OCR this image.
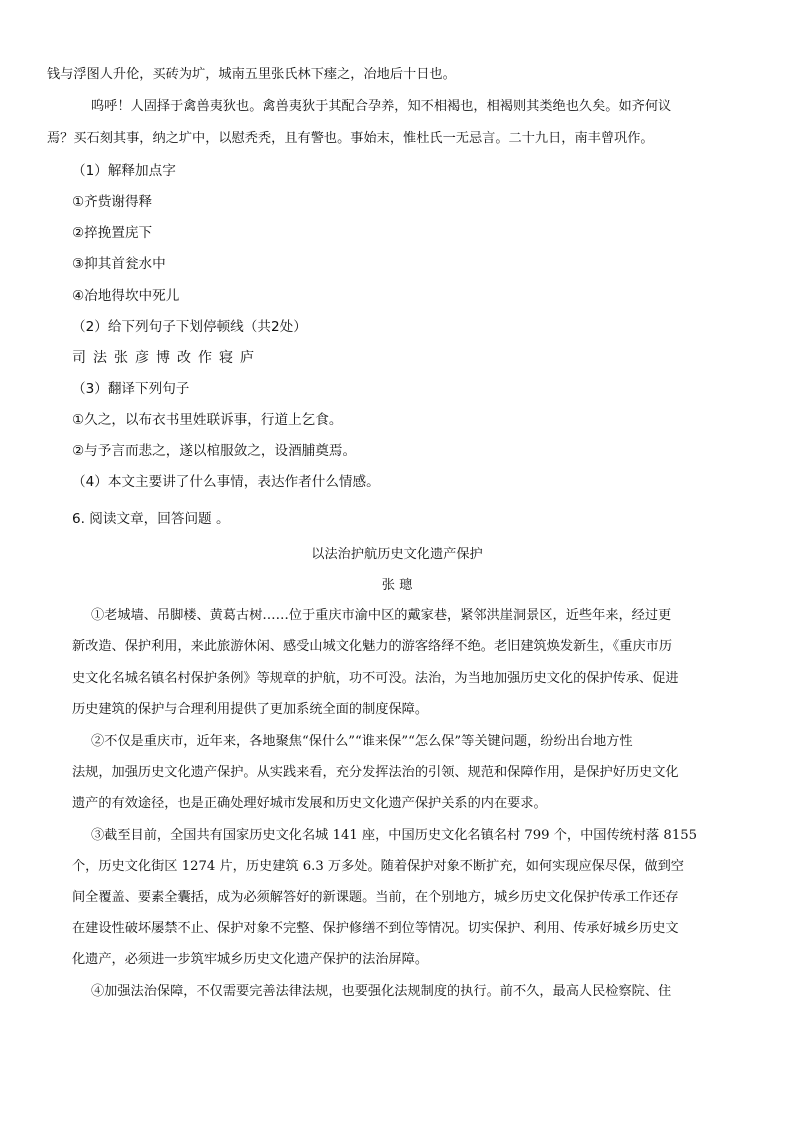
钱与浮图人升伦，买砖为圹，城南五里张氏林下瘗之，冶地后十日也。
呜呼！人固择于禽兽夷狄也。禽兽夷狄于其配合孕养，知不相褐也，相褐则其类绝也久矣。如齐何议
焉？买石刻其事，纳之圹中，以慰秃秃，且有警也。事始末，惟杜氏一无忌言。二十九日，南丰曾巩作。
（1）解释加点字
①齐赀谢得释
②捽挽置庑下
③抑其首瓮水中
④冶地得坎中死儿
（2）给下列句子下划停顿线（共2处）
司法张彦博改作寝庐
（3）翻译下列句子
①久之，以布衣书里姓联诉事，行道上乞食。
②与予言而悲之，遂以棺服敛之，设酒脯奠焉。
（4）本文主要讲了什么事情，表达作者什么情感。
6. 阅读文章，回答问题 。
以法治护航历史文化遗产保护
张 璁
①老城墙、吊脚楼、黄葛古树……位于重庆市渝中区的戴家巷，紧邻洪崖洞景区，近些年来，经过更
新改造、保护利用，来此旅游休闲、感受山城文化魅力的游客络绎不绝。老旧建筑焕发新生，《重庆市历
史文化名城名镇名村保护条例》等规章的护航，功不可没。法治，为当地加强历史文化的保护传承、促进
历史建筑的保护与合理利用提供了更加系统全面的制度保障。
②不仅是重庆市，近年来，各地聚焦“保什么”“谁来保”“怎么保”等关键问题，纷纷出台地方性
法规，加强历史文化遗产保护。从实践来看，充分发挥法治的引领、规范和保障作用，是保护好历史文化
遗产的有效途径，也是正确处理好城市发展和历史文化遗产保护关系的内在要求。
③截至目前，全国共有国家历史文化名城 141 座，中国历史文化名镇名村 799 个，中国传统村落 8155
个，历史文化街区 1274 片，历史建筑 6.3 万多处。随着保护对象不断扩充，如何实现应保尽保，做到空
间全覆盖、要素全囊括，成为必须解答好的新课题。当前，在个别地方，城乡历史文化保护传承工作还存
在建设性破坏屡禁不止、保护对象不完整、保护修缮不到位等情况。切实保护、利用、传承好城乡历史文
化遗产，必须进一步筑牢城乡历史文化遗产保护的法治屏障。
④加强法治保障，不仅需要完善法律法规，也要强化法规制度的执行。前不久，最高人民检察院、住
